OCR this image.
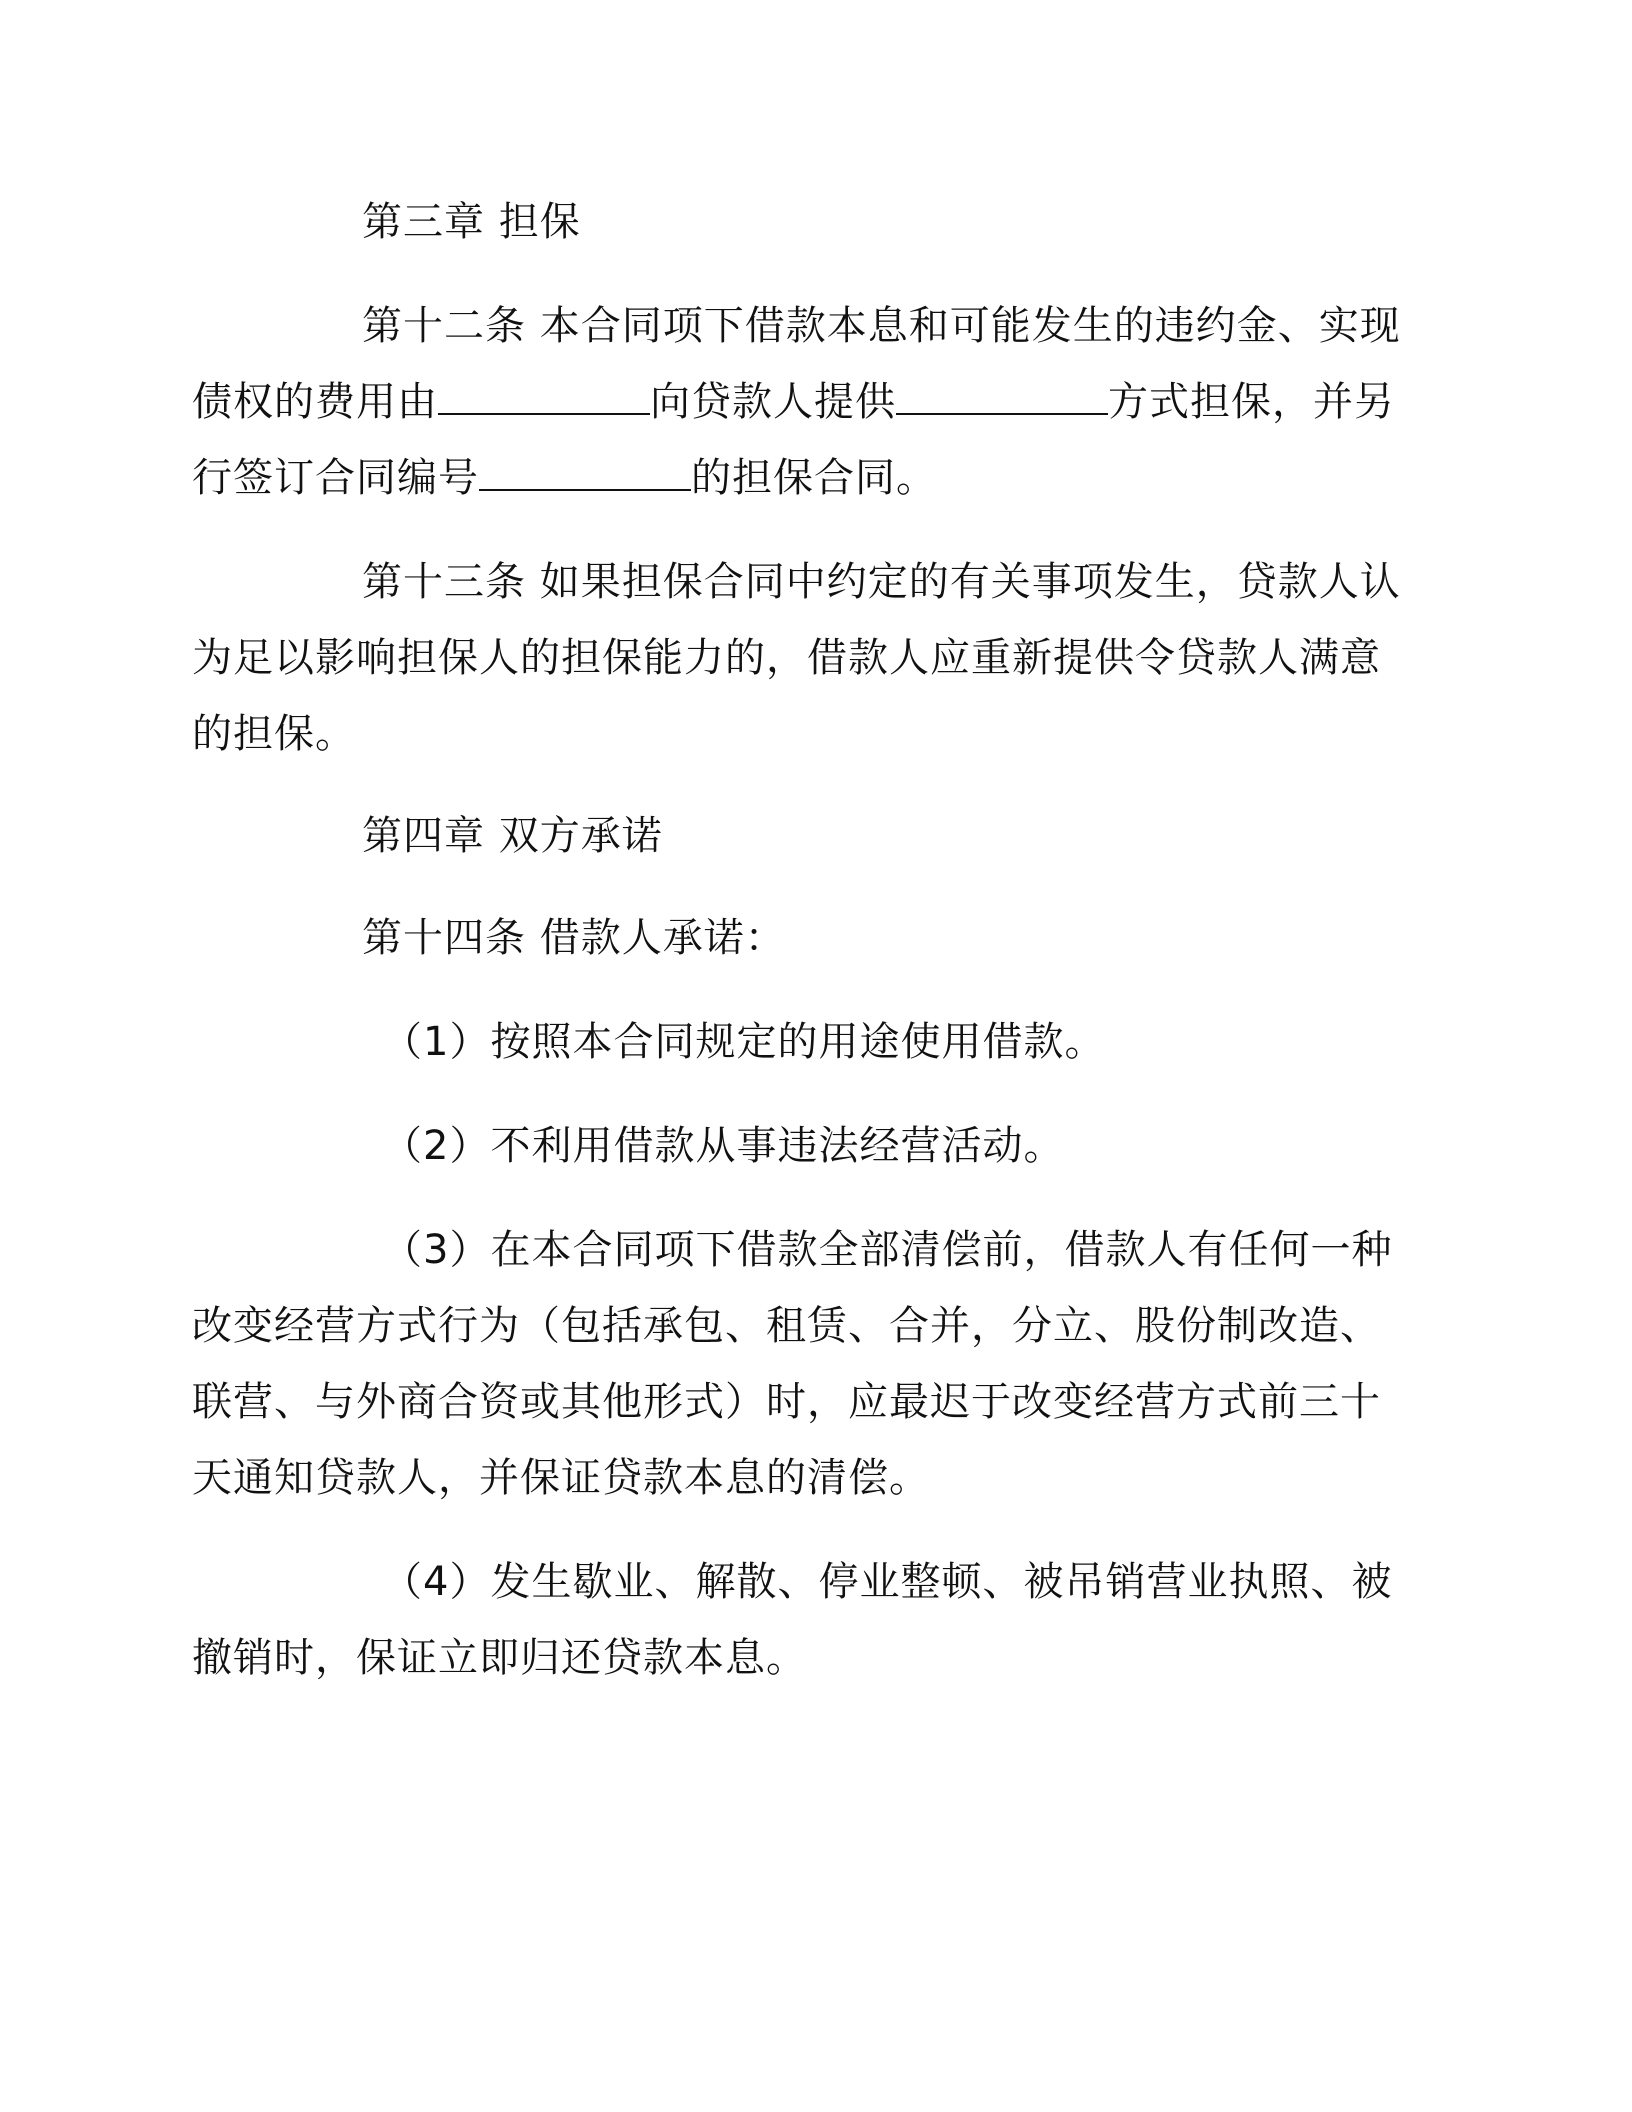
第三章 担保

第十二条 本合同项下借款本息和可能发生的违约金、实现

债权的费用由	向贷款人提供	方式担保，并另

行签订合同编号	的担保合同。

第十三条 如果担保合同中约定的有关事项发生，贷款人认

为足以影响担保人的担保能力的，借款人应重新提供令贷款人满意

的担保。

第四章 双方承诺

第十四条 借款人承诺：

（1）按照本合同规定的用途使用借款。

（2）不利用借款从事违法经营活动。

（3）在本合同项下借款全部清偿前，借款人有任何一种

改变经营方式行为（包括承包、租赁、合并，分立、股份制改造、

联营、与外商合资或其他形式）时，应最迟于改变经营方式前三十

天通知贷款人，并保证贷款本息的清偿。

（4）发生歇业、解散、停业整顿、被吊销营业执照、被

撤销时，保证立即归还贷款本息。
